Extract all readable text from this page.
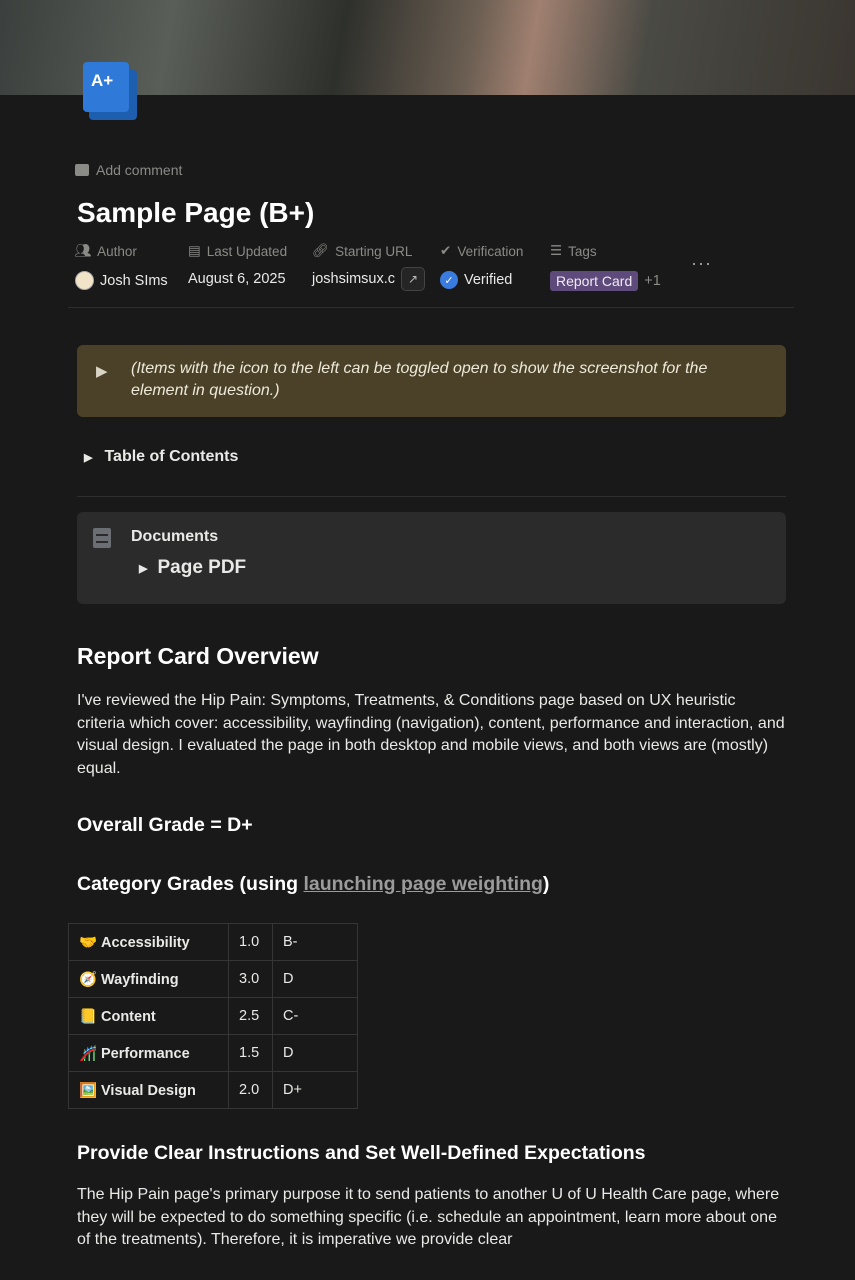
A+
Add comment
Sample Page (B+)
👥︎ Author
Josh SIms
▤ Last Updated
August 6, 2025
🔗︎ Starting URL
joshsimsux.c	↗
✔ Verification
✓ Verified
☰ Tags
Report Card +1
···
▶ (Items with the icon to the left can be toggled open to show the screenshot for the element in question.)
▶ Table of Contents
Documents
▶ Page PDF
Report Card Overview
I've reviewed the Hip Pain: Symptoms, Treatments, & Conditions page based on UX heuristic criteria which cover: accessibility, wayfinding (navigation), content, performance and interaction, and visual design. I evaluated the page in both desktop and mobile views, and both views are (mostly) equal.
Overall Grade = D+
Category Grades (using launching page weighting)
🤝 Accessibility	1.0	B-
🧭 Wayfinding	3.0	D
📒 Content	2.5	C-
🎢 Performance	1.5	D
🖼️ Visual Design	2.0	D+
Provide Clear Instructions and Set Well-Defined Expectations
The Hip Pain page's primary purpose it to send patients to another U of U Health Care page, where they will be expected to do something specific (i.e. schedule an appointment, learn more about one of the treatments). Therefore, it is imperative we provide clear
